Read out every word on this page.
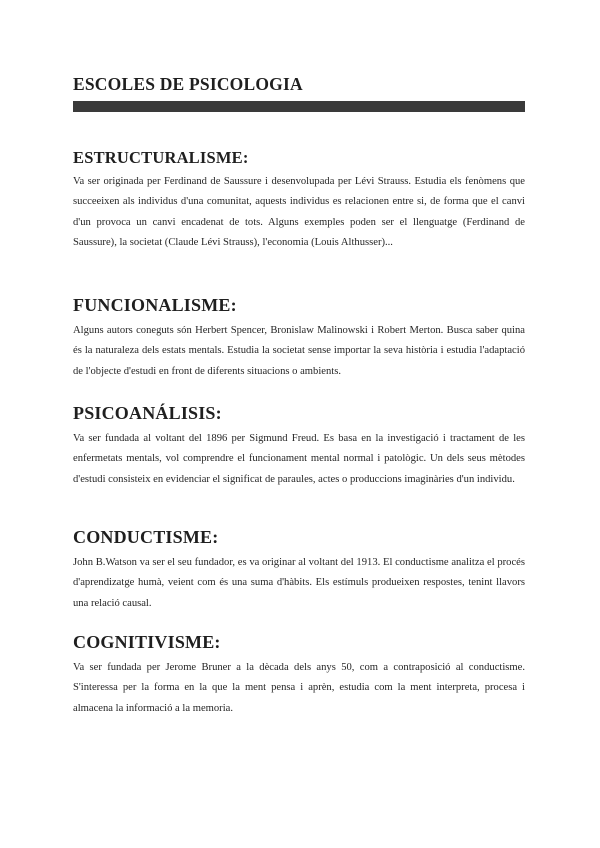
ESCOLES DE PSICOLOGIA
ESTRUCTURALISME:

Va ser originada per Ferdinand de Saussure i desenvolupada per Lévi Strauss. Estudia els fenòmens que succeeixen als individus d'una comunitat, aquests individus es relacionen entre si, de forma que el canvi d'un provoca un canvi encadenat de tots. Alguns exemples poden ser el llenguatge (Ferdinand de Saussure), la societat (Claude Lévi Strauss), l'economia (Louis Althusser)...

FUNCIONALISME:

Alguns autors coneguts són Herbert Spencer, Bronislaw Malinowski i Robert Merton. Busca saber quina és la naturaleza dels estats mentals. Estudia la societat sense importar la seva història i estudia l'adaptació de l'objecte d'estudi en front de diferents situacions o ambients.

PSICOANÁLISIS:

Va ser fundada al voltant del 1896 per Sigmund Freud. Es basa en la investigació i tractament de les enfermetats mentals, vol comprendre el funcionament mental normal i patològic. Un dels seus mètodes d'estudi consisteix en evidenciar el significat de paraules, actes o produccions imaginàries d'un individu.

CONDUCTISME:

John B.Watson va ser el seu fundador, es va originar al voltant del 1913. El conductisme analitza el procés d'aprendizatge humà, veient com és una suma d'hàbits. Els estímuls produeixen respostes, tenint llavors una relació causal.

COGNITIVISME:

Va ser fundada per Jerome Bruner a la dècada dels anys 50, com a contraposició al conductisme. S'interessa per la forma en la que la ment pensa i aprèn, estudia com la ment interpreta, procesa i almacena la informació a la memoria.
